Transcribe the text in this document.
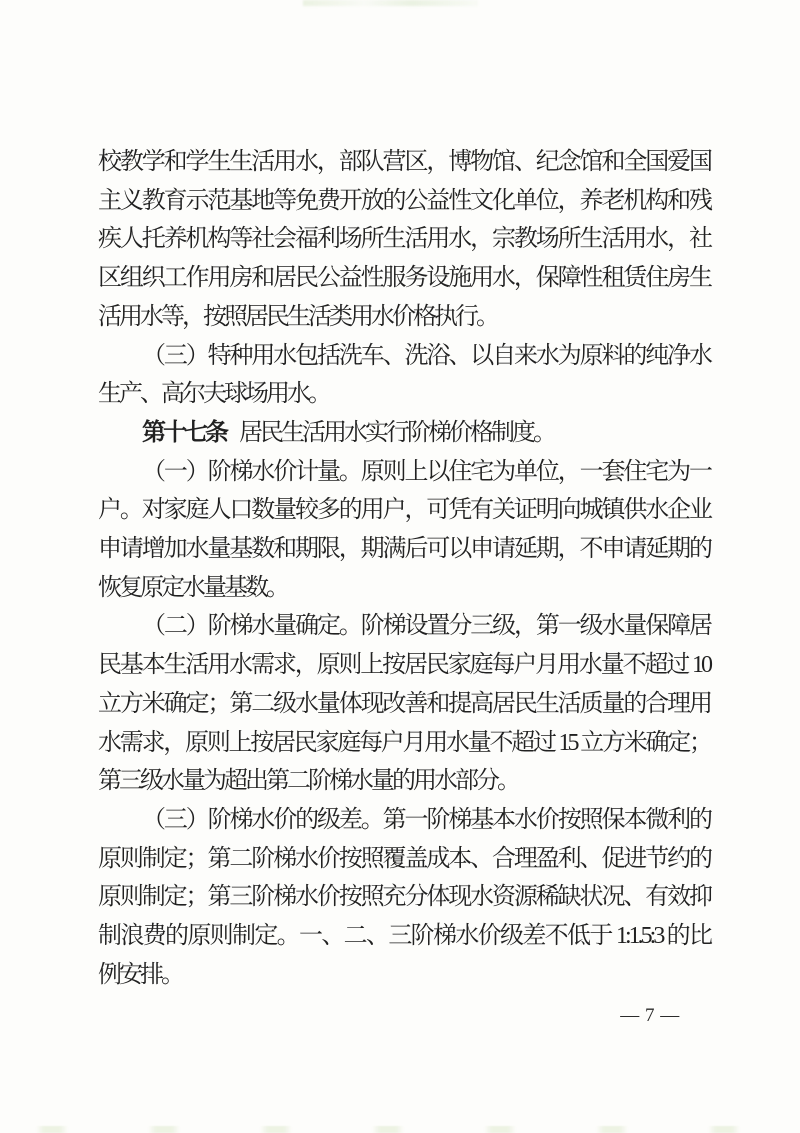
校教学和学生生活用水，部队营区，博物馆、纪念馆和全国爱国
主义教育示范基地等免费开放的公益性文化单位，养老机构和残
疾人托养机构等社会福利场所生活用水，宗教场所生活用水，社
区组织工作用房和居民公益性服务设施用水，保障性租赁住房生
活用水等，按照居民生活类用水价格执行。
（三）特种用水包括洗车、洗浴、以自来水为原料的纯净水
生产、高尔夫球场用水。
第十七条 居民生活用水实行阶梯价格制度。
（一）阶梯水价计量。原则上以住宅为单位，一套住宅为一
户。对家庭人口数量较多的用户，可凭有关证明向城镇供水企业
申请增加水量基数和期限，期满后可以申请延期，不申请延期的
恢复原定水量基数。
（二）阶梯水量确定。阶梯设置分三级，第一级水量保障居
民基本生活用水需求，原则上按居民家庭每户月用水量不超过 10
立方米确定；第二级水量体现改善和提高居民生活质量的合理用
水需求，原则上按居民家庭每户月用水量不超过 15 立方米确定；
第三级水量为超出第二阶梯水量的用水部分。
（三）阶梯水价的级差。第一阶梯基本水价按照保本微利的
原则制定；第二阶梯水价按照覆盖成本、合理盈利、促进节约的
原则制定；第三阶梯水价按照充分体现水资源稀缺状况、有效抑
制浪费的原则制定。一、二、三阶梯水价级差不低于 1:1.5:3 的比
例安排。
— 7 —
